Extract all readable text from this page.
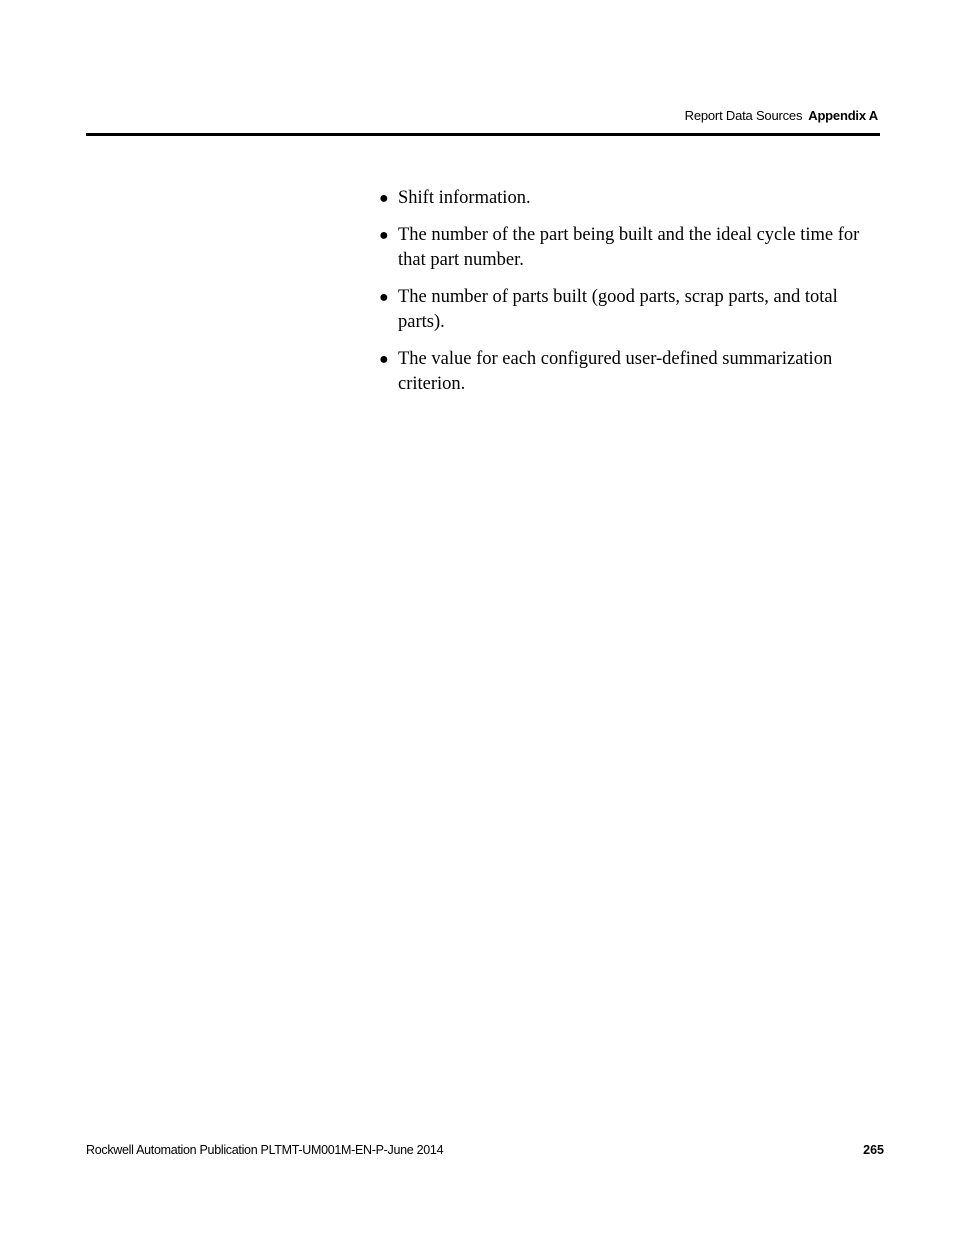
Report Data Sources Appendix A
● Shift information.
● The number of the part being built and the ideal cycle time for that part number.
● The number of parts built (good parts, scrap parts, and total parts).
● The value for each configured user-defined summarization criterion.
Rockwell Automation Publication PLTMT-UM001M-EN-P-June 2014	265
